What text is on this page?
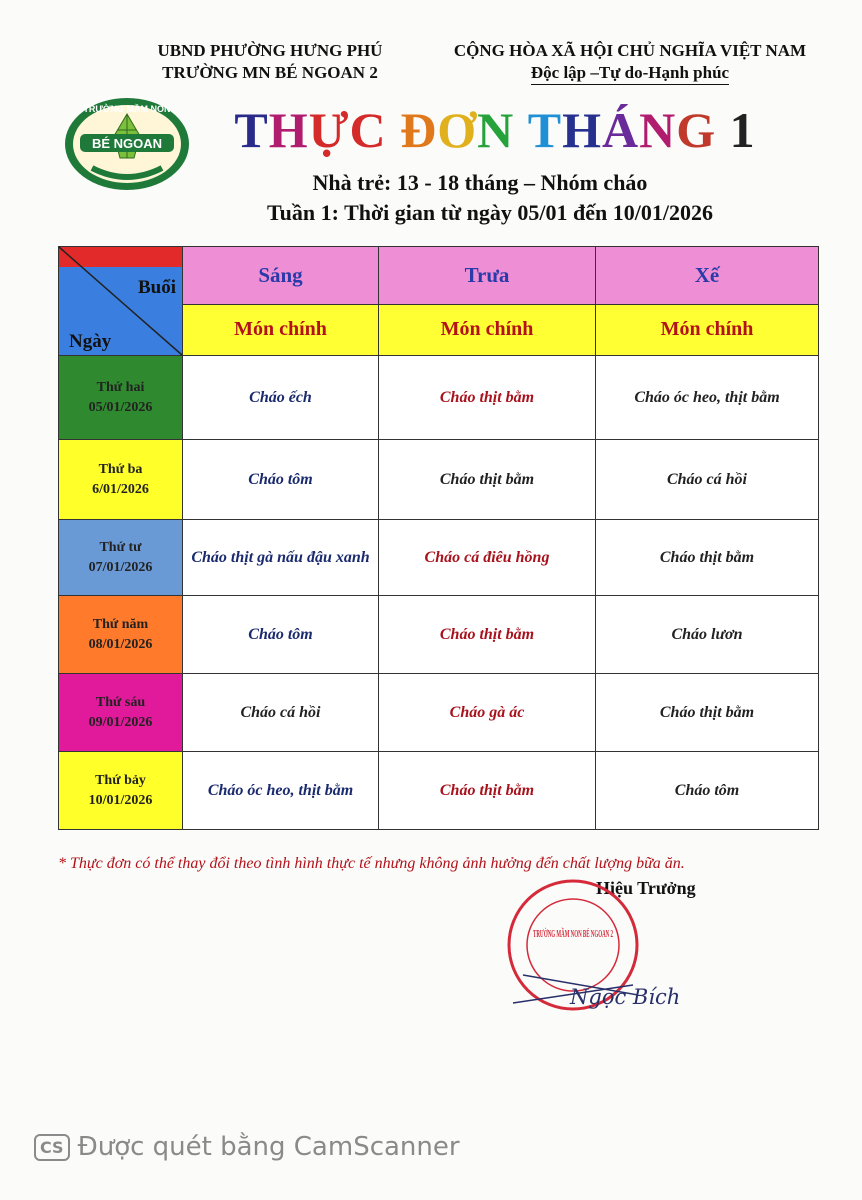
UBND PHƯỜNG HƯNG PHÚ
TRƯỜNG MN BÉ NGOAN 2
CỘNG HÒA XÃ HỘI CHỦ NGHĨA VIỆT NAM
Độc lập –Tự do-Hạnh phúc
BÉ NGOAN
TRƯỜNG MẦM NON	THỰC ĐƠN THÁNG 1
Nhà trẻ: 13 - 18 tháng – Nhóm cháo
Tuần 1: Thời gian từ ngày 05/01 đến 10/01/2026
Buổi
Ngày	Sáng	Trưa	Xế
	Món chính	Món chính	Món chính

Thứ hai
05/01/2026	Cháo ếch	Cháo thịt bằm	Cháo óc heo, thịt bằm

Thứ ba
6/01/2026	Cháo tôm	Cháo thịt bằm	Cháo cá hồi

Thứ tư
07/01/2026	Cháo thịt gà nấu đậu xanh	Cháo cá điêu hồng	Cháo thịt bằm

Thứ năm
08/01/2026	Cháo tôm	Cháo thịt bằm	Cháo lươn

Thứ sáu
09/01/2026	Cháo cá hồi	Cháo gà ác	Cháo thịt bằm

Thứ bảy
10/01/2026	Cháo óc heo, thịt bằm	Cháo thịt bằm	Cháo tôm
* Thực đơn có thể thay đổi theo tình hình thực tế nhưng không ảnh hưởng đến chất lượng bữa ăn.
Hiệu Trưởng
TRƯỜNG MẦM NON BÉ NGOAN 2
Ngọc Bích
CS Được quét bằng CamScanner
